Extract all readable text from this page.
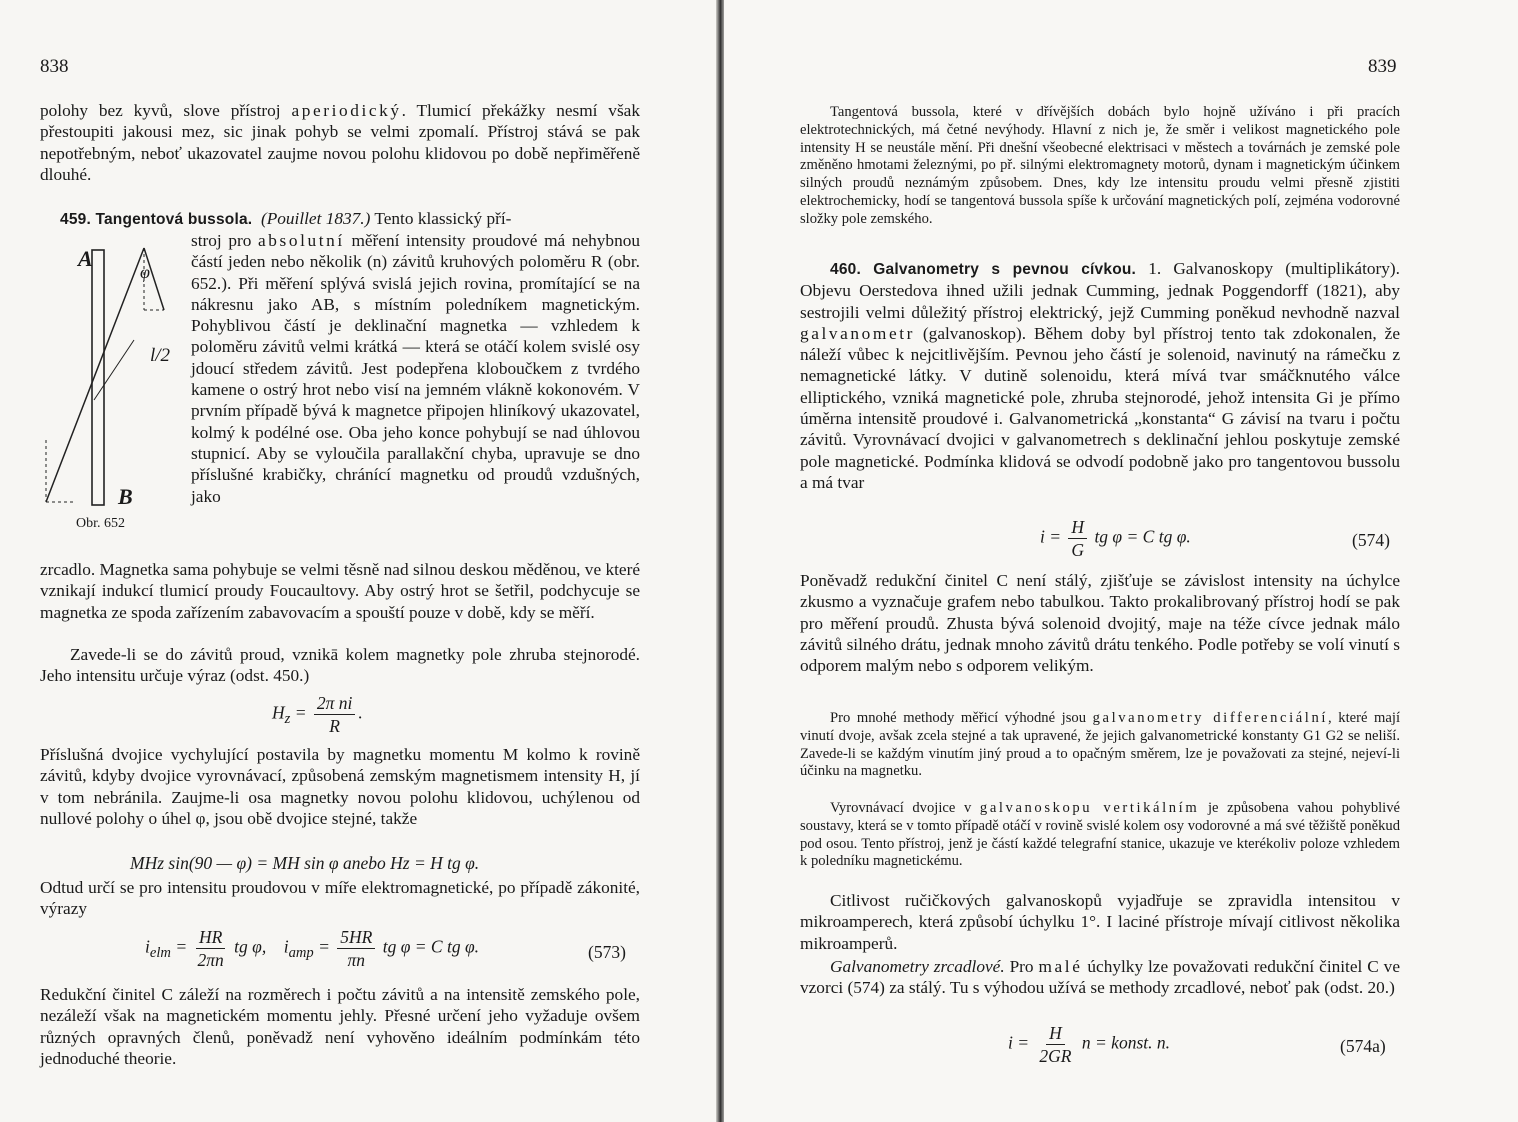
838

polohy bez kyvů, slove přístroj aperiodický. Tlumicí překážky nesmí však přestoupiti jakousi mez, sic jinak pohyb se velmi zpomalí. Přístroj stává se pak nepotřebným, neboť ukazovatel zaujme novou polohu klidovou po době nepřiměřeně dlouhé.

459. Tangentová bussola. (Pouillet 1837.) Tento klassický pří-

stroj pro absolutní měření intensity proudové má nehybnou částí jeden nebo několik (n) závitů kruhových poloměru R (obr. 652.). Při měření splývá svislá jejich rovina, promítající se na nákresnu jako AB, s místním poledníkem magnetickým. Pohyblivou částí je deklinační magnetka — vzhledem k poloměru závitů velmi krátká — která se otáčí kolem svislé osy jdoucí středem závitů. Jest podepřena kloboučkem z tvrdého kamene o ostrý hrot nebo visí na jemném vlákně kokonovém. V prvním případě bývá k magnetce připojen hliníkový ukazovatel, kolmý k podélné ose. Oba jeho konce pohybují se nad úhlovou stupnicí. Aby se vyloučila parallakční chyba, upravuje se dno příslušné krabičky, chránící magnetku od proudů vzdušných, jako

A
φ
l/2
B
Obr. 652

zrcadlo. Magnetka sama pohybuje se velmi těsně nad silnou deskou měděnou, ve které vznikají indukcí tlumicí proudy Foucaultovy. Aby ostrý hrot se šetřil, podchycuje se magnetka ze spoda zařízením zabavovacím a spouští pouze v době, kdy se měří.

Zavede-li se do závitů proud, vznikā kolem magnetky pole zhruba stejnorodé. Jeho intensitu určuje výraz (odst. 450.)

$H_z = \frac{\text{2π ni}}{R}$ .

Příslušná dvojice vychylující postavila by magnetku momentu M kolmo k rovině závitů, kdyby dvojice vyrovnávací, způsobená zemským magnetismem intensity H, jí v tom nebránila. Zaujme-li osa magnetky novou polohu klidovou, uchýlenou od nullové polohy o úhel φ, jsou obě dvojice stejné, takže

MHz sin(90 — φ) = MH sin φ anebo Hz = H tg φ.

Odtud určí se pro intensitu proudovou v míře elektromagnetické, po případě zákonité, výrazy

$i_{elm} = \frac{HR}{2\pi n}$ tg φ, $i_{amp} = \frac{5HR}{\pi n}$ tg φ = C tg φ.	(573)

Redukční činitel C záleží na rozměrech i počtu závitů a na intensitě zemského pole, nezáleží však na magnetickém momentu jehly. Přesné určení jeho vyžaduje ovšem různých opravných členů, poněvadž není vyhověno ideálním podmínkám této jednoduché theorie.

839

Tangentová bussola, které v dřívějších dobách bylo hojně užíváno i při pracích elektrotechnických, má četné nevýhody. Hlavní z nich je, že směr i velikost magnetického pole intensity H se neustále mění. Při dnešní všeobecné elektrisaci v městech a továrnách je zemské pole změněno hmotami železnými, po př. silnými elektromagnety motorů, dynam i magnetickým účinkem silných proudů neznámým způsobem. Dnes, kdy lze intensitu proudu velmi přesně zjistiti elektrochemicky, hodí se tangentová bussola spíše k určování magnetických polí, zejména vodorovné složky pole zemského.

460. Galvanometry s pevnou cívkou. 1. Galvanoskopy (multiplikátory). Objevu Oerstedova ihned užili jednak Cumming, jednak Poggendorff (1821), aby sestrojili velmi důležitý přístroj elektrický, jejž Cumming poněkud nevhodně nazval galvanometr (galvanoskop). Během doby byl přístroj tento tak zdokonalen, že náleží vůbec k nejcitlivějším. Pevnou jeho částí je solenoid, navinutý na rámečku z nemagnetické látky. V dutině solenoidu, která mívá tvar smáčknutého válce elliptického, vzniká magnetické pole, zhruba stejnorodé, jehož intensita Gi je přímo úměrna intensitě proudové i. Galvanometrická „konstanta“ G závisí na tvaru i počtu závitů. Vyrovnávací dvojici v galvanometrech s deklinační jehlou poskytuje zemské pole magnetické. Podmínka klidová se odvodí podobně jako pro tangentovou bussolu a má tvar

$i = \frac{H}{G}$ tg φ = C tg φ.	(574)

Poněvadž redukční činitel C není stálý, zjišťuje se závislost intensity na úchylce zkusmo a vyznačuje grafem nebo tabulkou. Takto prokalibrovaný přístroj hodí se pak pro měření proudů. Zhusta bývá solenoid dvojitý, maje na téže cívce jednak málo závitů silného drátu, jednak mnoho závitů drátu tenkého. Podle potřeby se volí vinutí s odporem malým nebo s odporem velikým.

Pro mnohé methody měřicí výhodné jsou galvanometry differenciální, které mají vinutí dvoje, avšak zcela stejné a tak upravené, že jejich galvanometrické konstanty G1 G2 se neliší. Zavede-li se každým vinutím jiný proud a to opačným směrem, lze je považovati za stejné, nejeví-li účinku na magnetku.

Vyrovnávací dvojice v galvanoskopu vertikálním je způsobena vahou pohyblivé soustavy, která se v tomto případě otáčí v rovině svislé kolem osy vodorovné a má své těžiště poněkud pod osou. Tento přístroj, jenž je částí každé telegrafní stanice, ukazuje ve kterékoliv poloze vzhledem k poledníku magnetickému.

Citlivost ručičkových galvanoskopů vyjadřuje se zpravidla intensitou v mikroamperech, která způsobí úchylku 1°. I laciné přístroje mívají citlivost několika mikroamperů.

Galvanometry zrcadlové. Pro malé úchylky lze považovati redukční činitel C ve vzorci (574) za stálý. Tu s výhodou užívá se methody zrcadlové, neboť pak (odst. 20.)

$i = \frac{H}{2GR}$ n = konst. n.	(574a)
